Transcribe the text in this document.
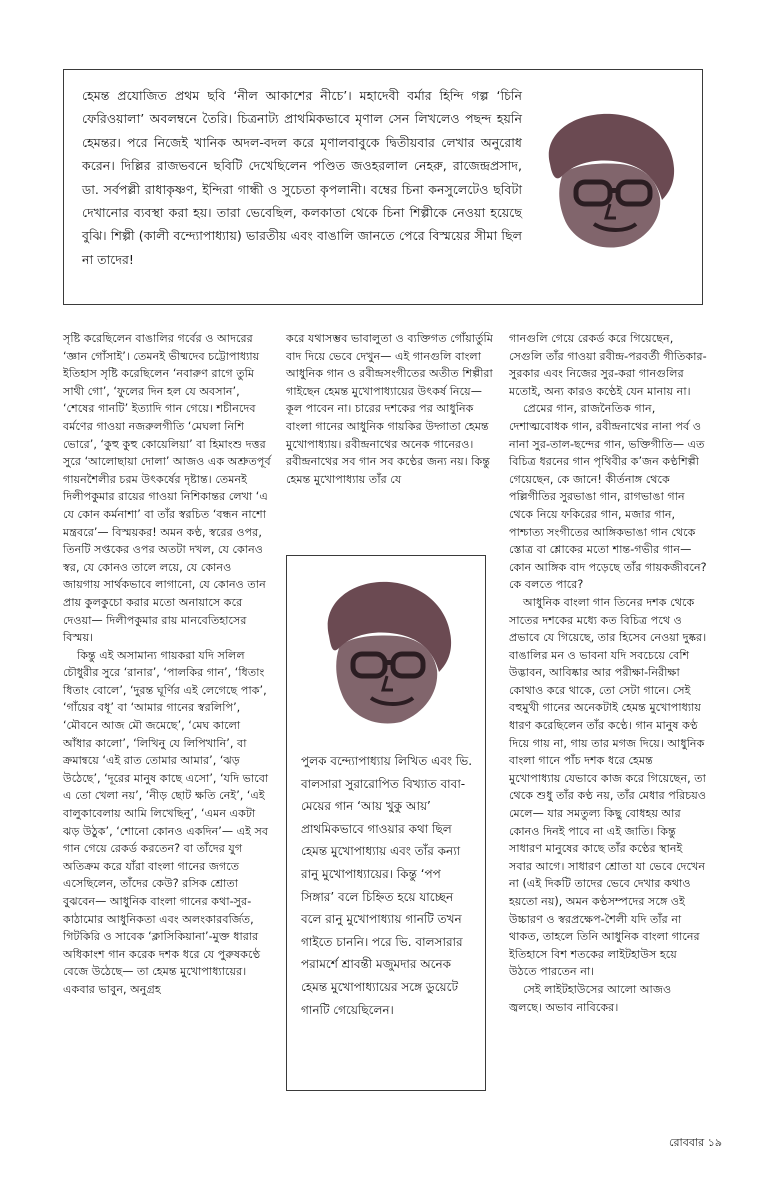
হেমন্ত প্রযোজিত প্রথম ছবি ‘নীল আকাশের নীচে’। মহাদেবী বর্মার হিন্দি গল্প ‘চিনি ফেরিওয়ালা’ অবলম্বনে তৈরি। চিত্রনাট্য প্রাথমিকভাবে মৃণাল সেন লিখলেও পছন্দ হয়নি হেমন্তর। পরে নিজেই খানিক অদল-বদল করে মৃণালবাবুকে দ্বিতীয়বার লেখার অনুরোধ করেন। দিল্লির রাজভবনে ছবিটি দেখেছিলেন পণ্ডিত জওহরলাল নেহরু, রাজেন্দ্রপ্রসাদ, ডা. সর্বপল্লী রাধাকৃষ্ণণ, ইন্দিরা গান্ধী ও সুচেতা কৃপলানী। বম্বের চিনা কনসুলেটেও ছবিটা দেখানোর ব্যবস্থা করা হয়। তারা ভেবেছিল, কলকাতা থেকে চিনা শিল্পীকে নেওয়া হয়েছে বুঝি। শিল্পী (কালী বন্দ্যোপাধ্যায়) ভারতীয় এবং বাঙালি জানতে পেরে বিস্ময়ের সীমা ছিল না তাদের!

সৃষ্টি করেছিলেন বাঙালির গর্বের ও আদরের ‘জ্ঞান গোঁসাই’। তেমনই ভীষ্মদেব চট্টোপাধ্যায় ইতিহাস সৃষ্টি করেছিলেন ‘নবারুণ রাগে তুমি সাথী গো’, ‘ফুলের দিন হল যে অবসান’, ‘শেষের গানটি’ ইত্যাদি গান গেয়ে। শচীনদেব বর্মণের গাওয়া নজরুলগীতি ‘মেঘলা নিশি ভোরে’, ‘কুহু কুহু কোয়েলিয়া’ বা হিমাংশু দত্তর সুরে ‘আলোছায়া দোলা’ আজও এক অশ্রুতপূর্ব গায়নশৈলীর চরম উৎকর্ষের দৃষ্টান্ত। তেমনই দিলীপকুমার রায়ের গাওয়া নিশিকান্তর লেখা ‘এ যে কোন কর্মনাশা’ বা তাঁর স্বরচিত ‘বন্ধন নাশো মন্ত্রবরে’— বিস্ময়কর! অমন কণ্ঠ, স্বরের ওপর, তিনটি সপ্তকের ওপর অতটা দখল, যে কোনও স্বর, যে কোনও তালে লয়ে, যে কোনও জায়গায় সার্থকভাবে লাগানো, যে কোনও তান প্রায় কুলকুচো করার মতো অনায়াসে করে দেওয়া— দিলীপকুমার রায় মানবেতিহাসের বিস্ময়।

কিন্তু এই অসামান্য গায়করা যদি সলিল চৌধুরীর সুরে ‘রানার’, ‘পালকির গান’, ‘ধিতাং ধিতাং বোলে’, ‘দুরন্ত ঘূর্ণির এই লেগেছে পাক’, ‘গাঁয়ের বধূ’ বা ‘আমার গানের স্বরলিপি’, ‘মৌবনে আজ মৌ জমেছে’, ‘মেঘ কালো আঁধার কালো’, ‘লিখিনু যে লিপিখানি’, বা ক্রমান্বয়ে ‘এই রাত তোমার আমার’, ‘ঝড় উঠেছে’, ‘দূরের মানুষ কাছে এসো’, ‘যদি ভাবো এ তো খেলা নয়’, ‘নীড় ছোট ক্ষতি নেই’, ‘এই বালুকাবেলায় আমি লিখেছিনু’, ‘এমন একটা ঝড় উঠুক’, ‘শোনো কোনও একদিন’— এই সব গান গেয়ে রেকর্ড করতেন? বা তাঁদের যুগ অতিক্রম করে যাঁরা বাংলা গানের জগতে এসেছিলেন, তাঁদের কেউ? রসিক শ্রোতা বুঝবেন— আধুনিক বাংলা গানের কথা-সুর-কাঠামোর আধুনিকতা এবং অলংকারবর্জিত, গিটকিরি ও সাবেক ‘ক্লাসিকিয়ানা’-মুক্ত ধারার অধিকাংশ গান করেক দশক ধরে যে পুরুষকণ্ঠে বেজে উঠেছে— তা হেমন্ত মুখোপাধ্যায়ের। একবার ভাবুন, অনুগ্রহ

করে যথাসম্ভব ভাবালুতা ও ব্যক্তিগত গোঁয়ার্তুমি বাদ দিয়ে ভেবে দেখুন— এই গানগুলি বাংলা আধুনিক গান ও রবীন্দ্রসংগীতের অতীত শিল্পীরা গাইছেন হেমন্ত মুখোপাধ্যায়ের উৎকর্ষ নিয়ে— কূল পাবেন না। চারের দশকের পর আধুনিক বাংলা গানের আধুনিক গায়কির উদ্গাতা হেমন্ত মুখোপাধ্যায়। রবীন্দ্রনাথের অনেক গানেরও। রবীন্দ্রনাথের সব গান সব কণ্ঠের জন্য নয়। কিন্তু হেমন্ত মুখোপাধ্যায় তাঁর যে

গানগুলি গেয়ে রেকর্ড করে গিয়েছেন, সেগুলি তাঁর গাওয়া রবীন্দ্র-পরবর্তী গীতিকার-সুরকার এবং নিজের সুর-করা গানগুলির মতোই, অন্য কারও কণ্ঠেই যেন মানায় না।

প্রেমের গান, রাজনৈতিক গান, দেশাত্মবোধক গান, রবীন্দ্রনাথের নানা পর্ব ও নানা সুর-তাল-ছন্দের গান, ভক্তিগীতি— এত বিচিত্র ধরনের গান পৃথিবীর ক’জন কণ্ঠশিল্পী গেয়েছেন, কে জানে! কীর্তনাঙ্গ থেকে পল্লিগীতির সুরভাঙা গান, রাগভাঙা গান থেকে নিয়ে ফকিরের গান, মজার গান, পাশ্চাত্য সংগীতের আঙ্গিকভাঙা গান থেকে স্তোত্র বা শ্লোকের মতো শান্ত-গভীর গান— কোন আঙ্গিক বাদ পড়েছে তাঁর গায়কজীবনে? কে বলতে পারে?

আধুনিক বাংলা গান তিনের দশক থেকে সাতের দশকের মধ্যে কত বিচিত্র পথে ও প্রভাবে যে গিয়েছে, তার হিসেব নেওয়া দুষ্কর। বাঙালির মন ও ভাবনা যদি সবচেয়ে বেশি উদ্ভাবন, আবিষ্কার আর পরীক্ষা-নিরীক্ষা কোথাও করে থাকে, তো সেটা গানে। সেই বহুমুখী গানের অনেকটাই হেমন্ত মুখোপাধ্যায় ধারণ করেছিলেন তাঁর কণ্ঠে। গান মানুষ কণ্ঠ দিয়ে গায় না, গায় তার মগজ দিয়ে। আধুনিক বাংলা গানে পাঁচ দশক ধরে হেমন্ত মুখোপাধ্যায় যেভাবে কাজ করে গিয়েছেন, তা থেকে শুধু তাঁর কণ্ঠ নয়, তাঁর মেধার পরিচয়ও মেলে— যার সমতুল্য কিছু বোধহয় আর কোনও দিনই পাবে না এই জাতি। কিন্তু সাধারণ মানুষের কাছে তাঁর কণ্ঠের স্থানই সবার আগে। সাধারণ শ্রোতা যা ভেবে দেখেন না (এই দিকটি তাদের ভেবে দেখার কথাও হয়তো নয়), অমন কণ্ঠসম্পদের সঙ্গে ওই উচ্চারণ ও স্বরপ্রক্ষেপ-শৈলী যদি তাঁর না থাকত, তাহলে তিনি আধুনিক বাংলা গানের ইতিহাসে বিশ শতকের লাইটহাউস হয়ে উঠতে পারতেন না।

সেই লাইটহাউসের আলো আজও জ্বলছে। অভাব নাবিকের।

পুলক বন্দ্যোপাধ্যায় লিখিত এবং ভি. বালসারা সুরারোপিত বিখ্যাত বাবা-মেয়ের গান ‘আয় খুকু আয়’ প্রাথমিকভাবে গাওয়ার কথা ছিল হেমন্ত মুখোপাধ্যায় এবং তাঁর কন্যা রানু মুখোপাধ্যায়ের। কিন্তু ‘পপ সিঙ্গার’ বলে চিহ্নিত হয়ে যাচ্ছেন বলে রানু মুখোপাধ্যায় গানটি তখন গাইতে চাননি। পরে ভি. বালসারার পরামর্শে শ্রাবন্তী মজুমদার অনেক হেমন্ত মুখোপাধ্যায়ের সঙ্গে ডুয়েটে গানটি গেয়েছিলেন।

রোববার ১৯
